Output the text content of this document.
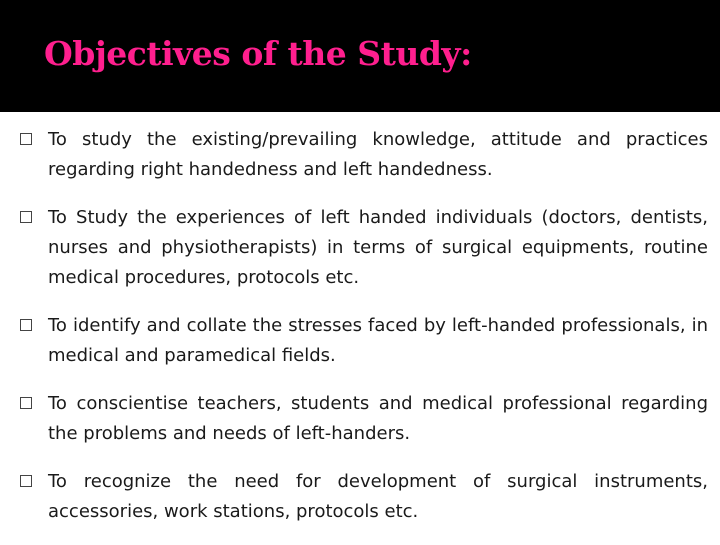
Objectives of the Study:
To study the existing/prevailing knowledge, attitude and practices regarding right handedness and left handedness.
To Study the experiences of left handed individuals (doctors, dentists, nurses and physiotherapists) in terms of surgical equipments, routine medical procedures, protocols etc.
To identify and collate the stresses faced by left-handed professionals, in medical and paramedical fields.
To conscientise teachers, students and medical professional regarding the problems and needs of left-handers.
To recognize the need for development of surgical instruments, accessories, work stations, protocols etc.
